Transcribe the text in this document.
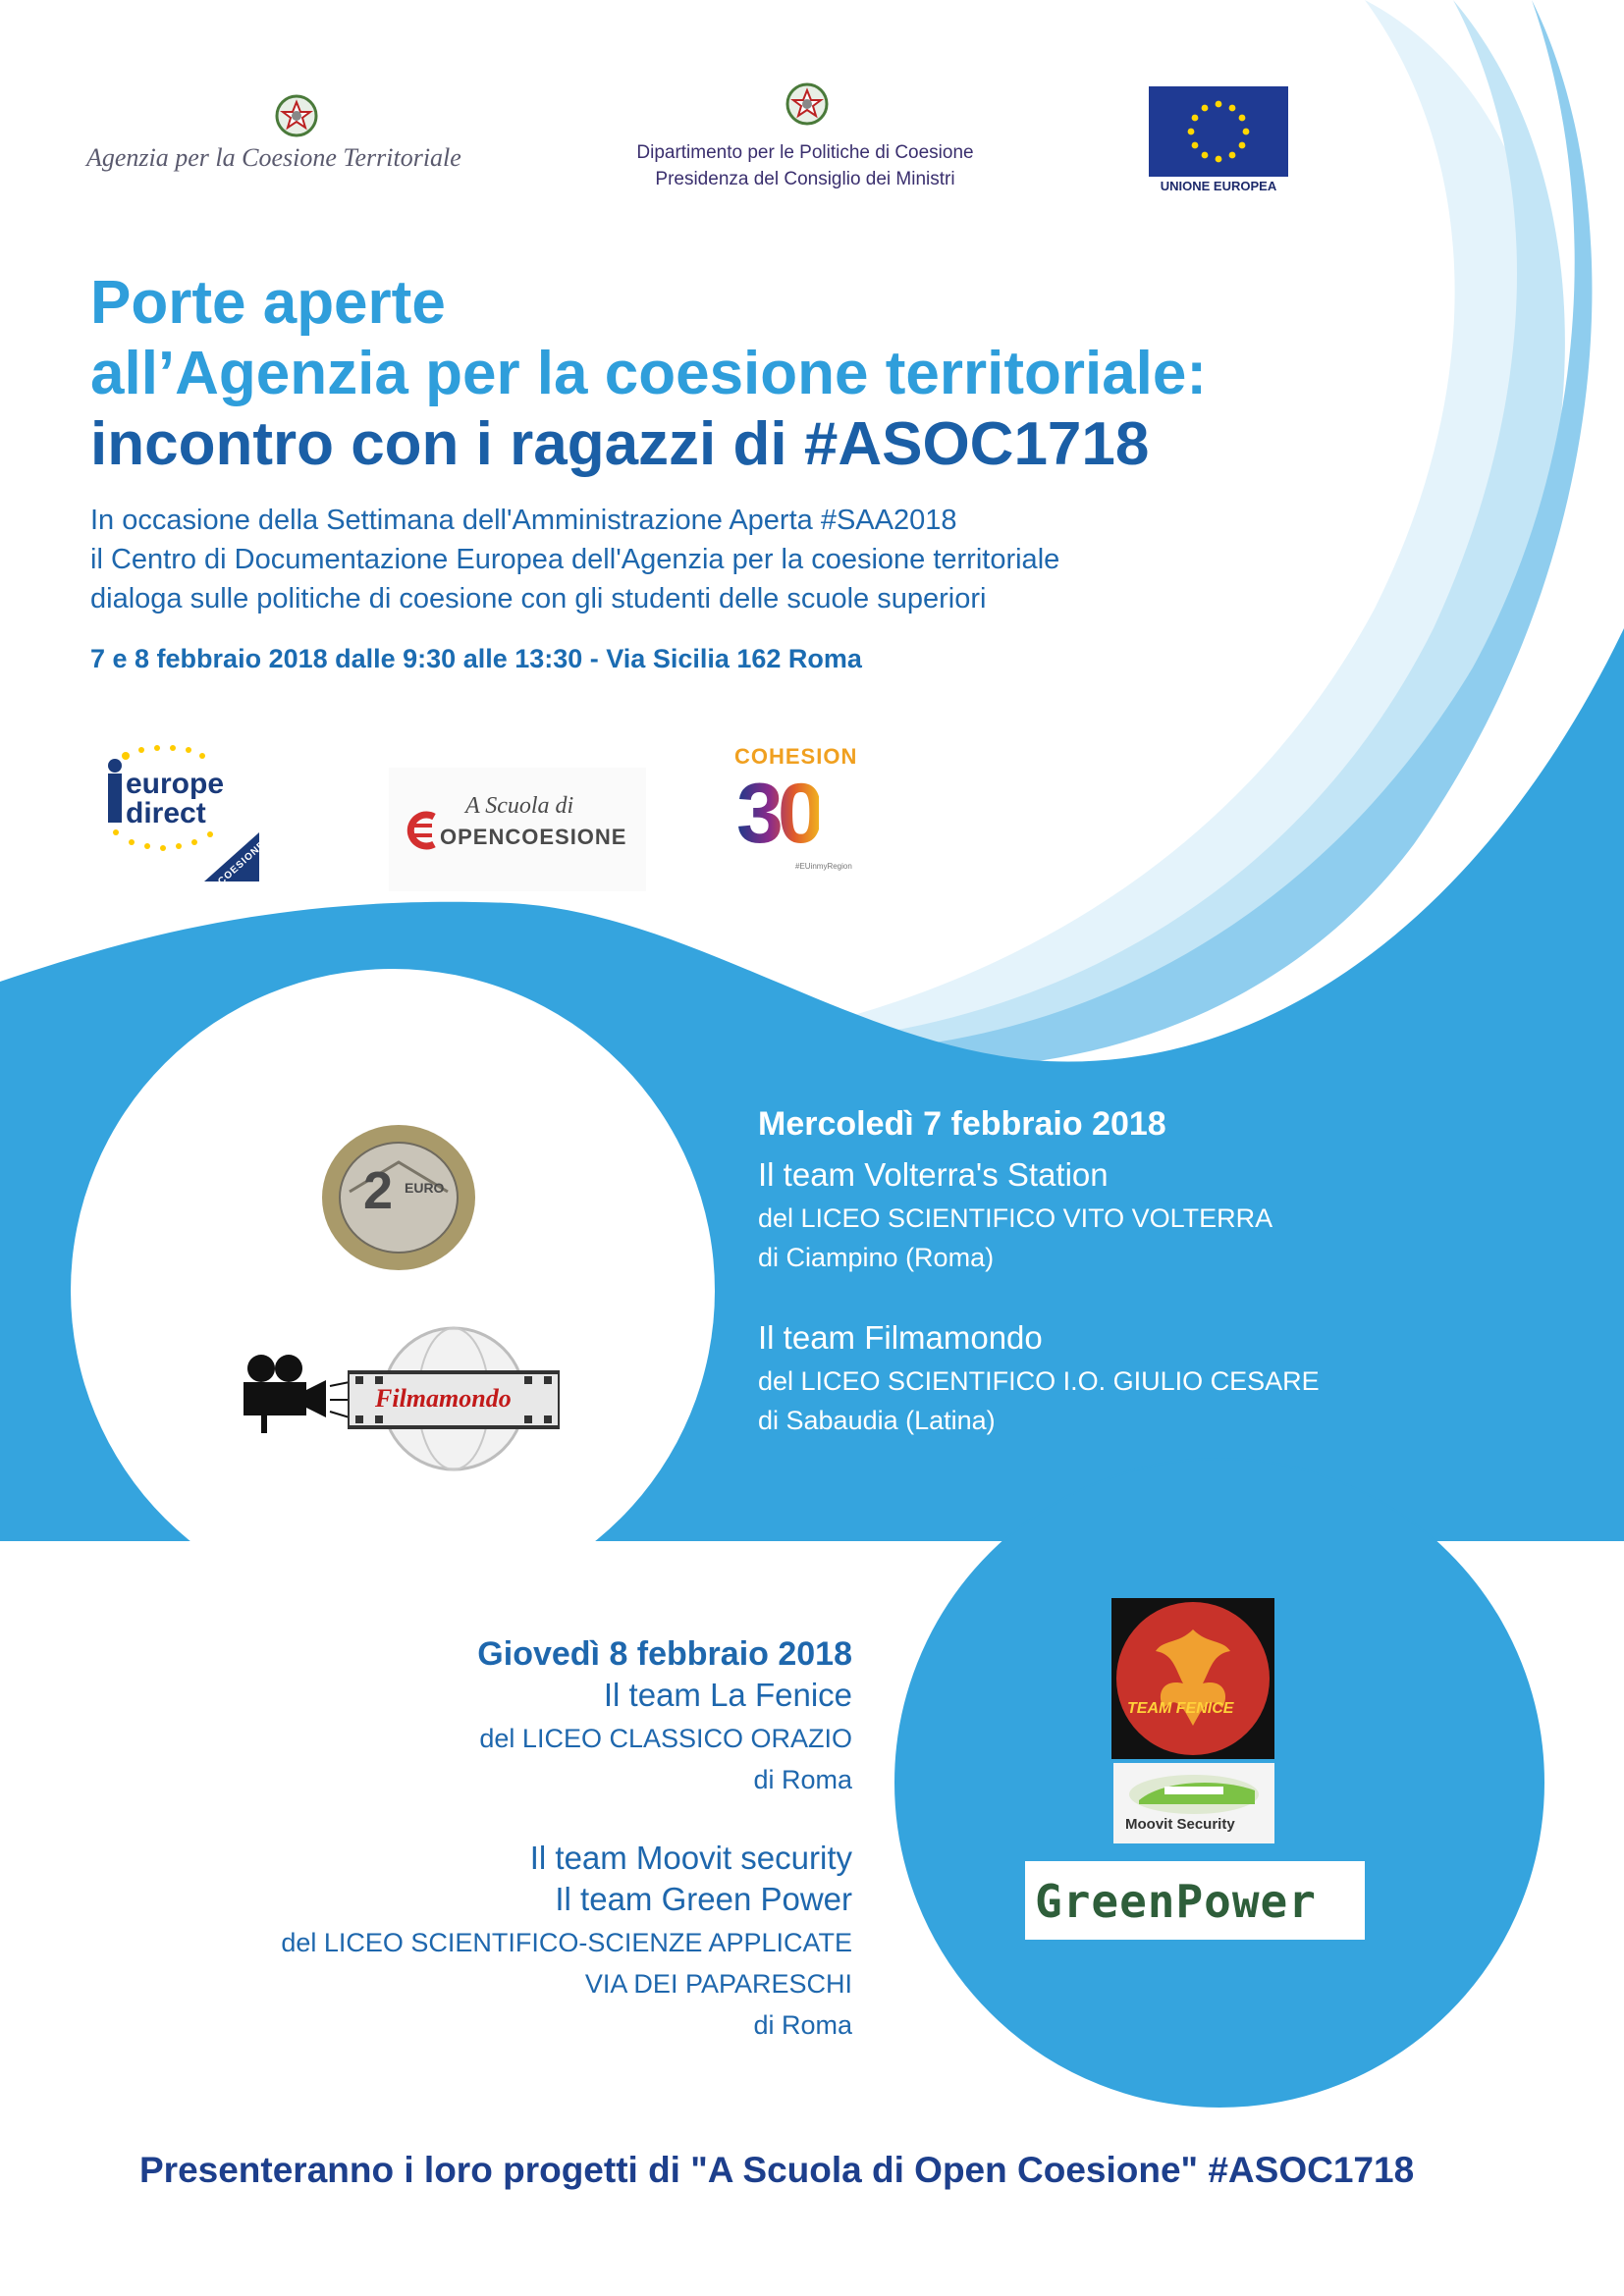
Agenzia per la Coesione Territoriale	Dipartimento per le Politiche di Coesione
Presidenza del Consiglio dei Ministri	UNIONE EUROPEA
Porte aperte
all’Agenzia per la coesione territoriale:
incontro con i ragazzi di #ASOC1718
In occasione della Settimana dell'Amministrazione Aperta #SAA2018
il Centro di Documentazione Europea dell'Agenzia per la coesione territoriale
dialoga sulle politiche di coesione con gli studenti delle scuole superiori
7 e 8 febbraio 2018 dalle 9:30 alle 13:30 - Via Sicilia 162 Roma
europe
direct
COESIONE
A Scuola di
OPENCOESIONE
COHESION
30
#EUinmyRegion
2 EURO
Filmamondo
Mercoledì 7 febbraio 2018
Il team Volterra's Station
del LICEO SCIENTIFICO VITO VOLTERRA
di Ciampino (Roma)
Il team Filmamondo
del LICEO SCIENTIFICO I.O. GIULIO CESARE
di Sabaudia (Latina)
Giovedì 8 febbraio 2018
Il team La Fenice
del LICEO CLASSICO ORAZIO
di Roma
Il team Moovit security
Il team Green Power
del LICEO SCIENTIFICO-SCIENZE APPLICATE
VIA DEI PAPARESCHI
di Roma
TEAM FENICE
Moovit Security
GreenPower
Presenteranno i loro progetti di "A Scuola di Open Coesione" #ASOC1718
